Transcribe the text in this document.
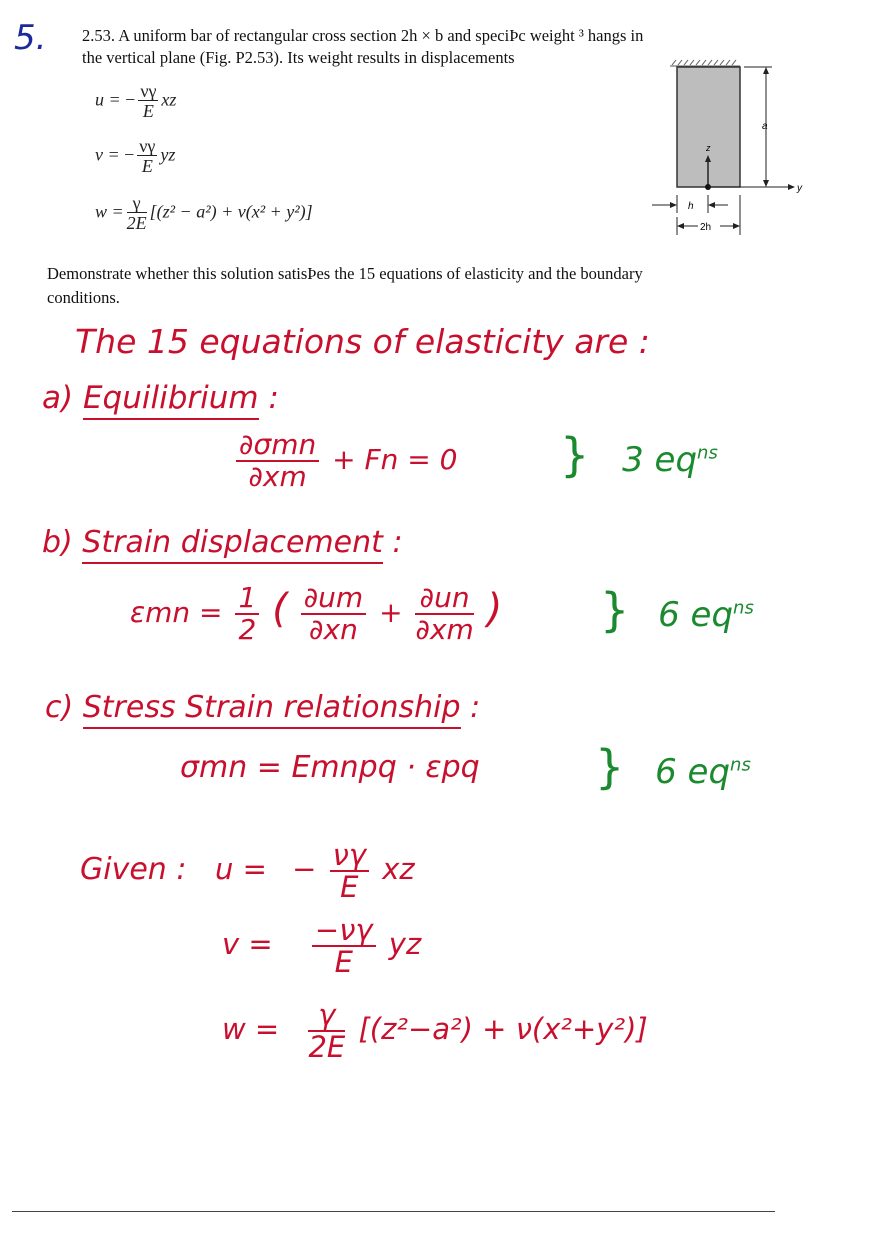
5. 2.53. A uniform bar of rectangular cross section 2h × b and speciÞc weight ³ hangs in
the vertical plane (Fig. P2.53). Its weight results in displacements
u = − $\frac{\nu\gamma}{E}$ xz
v = − $\frac{\nu\gamma}{E}$ yz
$w = \frac{\gamma}{2E} [(z^2 - a^2) + \nu(x^2 + y^2)]$
z
a
y
h
2h
Demonstrate whether this solution satisÞes the 15 equations of elasticity and the boundary
conditions.
The 15 equations of elasticity are :
a) Equilibrium :
$\frac{\text{∂σmn}}{\partial xm} + Fn = 0$ } 3 $eq^{ns}$
b) Strain displacement :
$\varepsilon mn = \frac{1}{2}$ ( $\frac{\partial um}{\partial xn} + \frac{\partial un}{\partial xm}$ ) } 6 $eq^{ns}$
c) Stress Strain relationship :
σmn = Emnpq · εpq	} 6 $eq^{ns}$
Given : u = − $\frac{\nu\gamma}{E}$ xz
$v = \frac{-\nu\gamma}{E}$ yz
$w = \frac{\gamma}{2E} [(z^2-a^2) + \nu(x^2+y^2)]$
